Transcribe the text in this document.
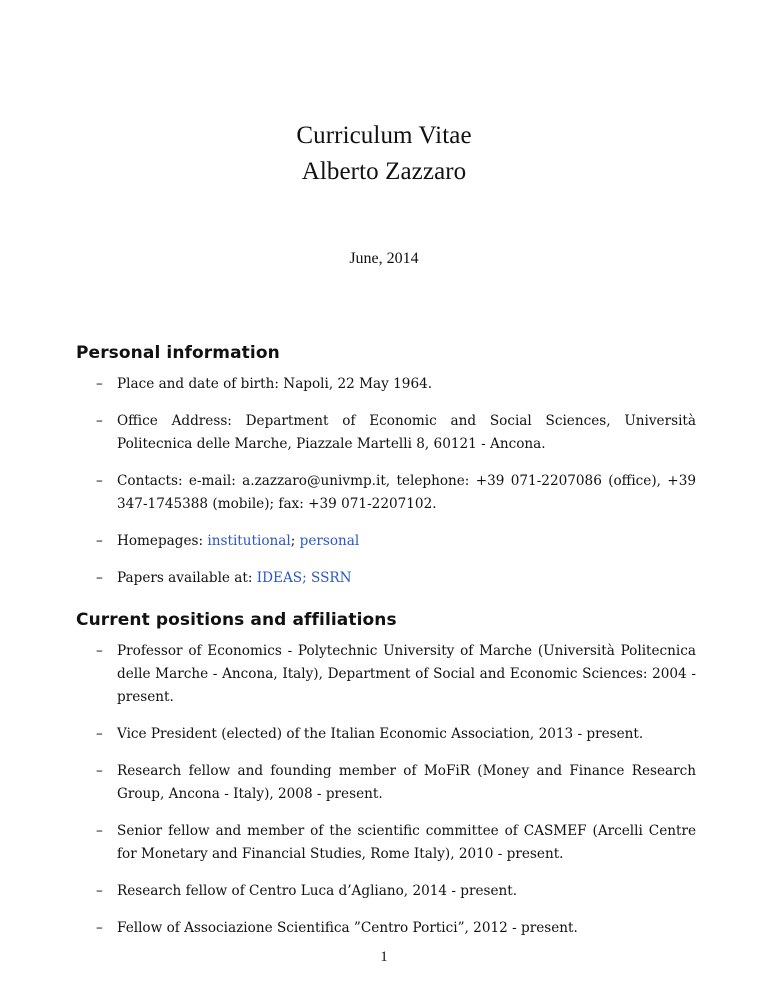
Curriculum Vitae
Alberto Zazzaro
June, 2014
Personal information
– Place and date of birth: Napoli, 22 May 1964.
– Office Address: Department of Economic and Social Sciences, Università Politecnica delle Marche, Piazzale Martelli 8, 60121 - Ancona.
– Contacts: e-mail: a.zazzaro@univmp.it, telephone: +39 071-2207086 (office), +39 347-1745388 (mobile); fax: +39 071-2207102.
– Homepages: institutional; personal
– Papers available at: IDEAS; SSRN
Current positions and affiliations
– Professor of Economics - Polytechnic University of Marche (Università Politecnica delle Marche - Ancona, Italy), Department of Social and Economic Sciences: 2004 - present.
– Vice President (elected) of the Italian Economic Association, 2013 - present.
– Research fellow and founding member of MoFiR (Money and Finance Research Group, Ancona - Italy), 2008 - present.
– Senior fellow and member of the scientific committee of CASMEF (Arcelli Centre for Monetary and Financial Studies, Rome Italy), 2010 - present.
– Research fellow of Centro Luca d’Agliano, 2014 - present.
– Fellow of Associazione Scientifica ”Centro Portici”, 2012 - present.
1
